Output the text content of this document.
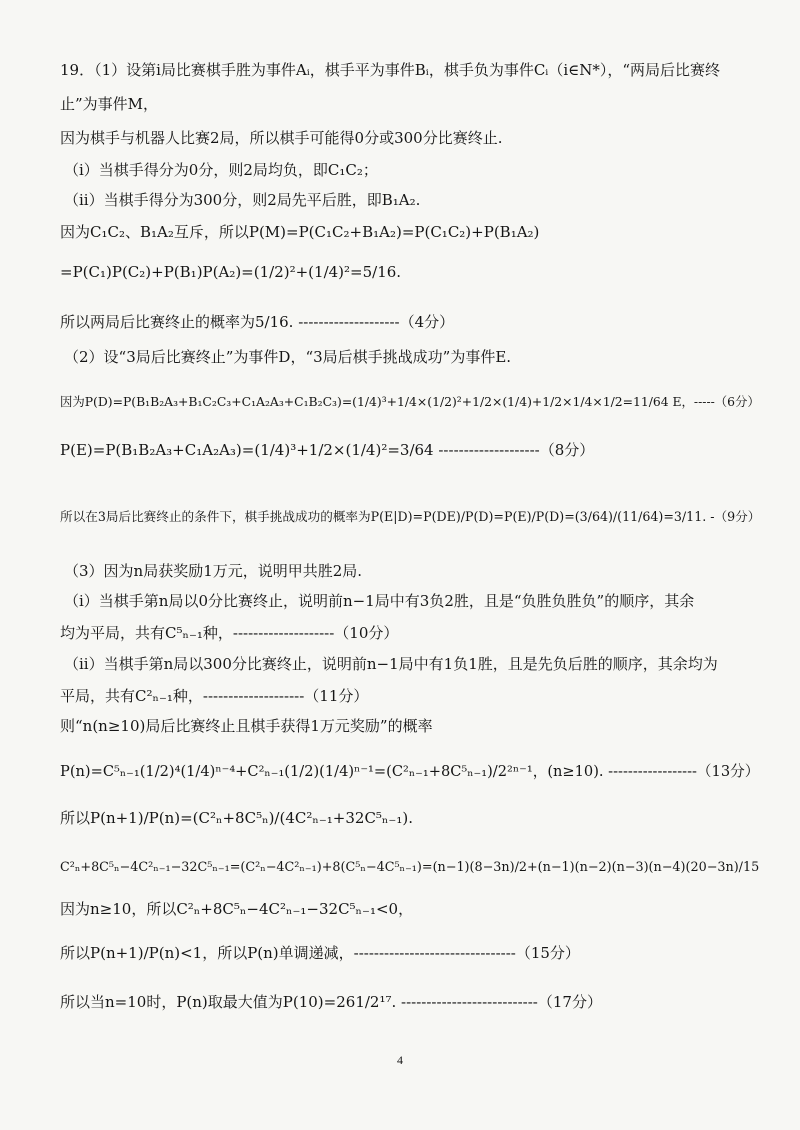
19．（1）设第i局比赛棋手胜为事件Aᵢ，棋手平为事件Bᵢ，棋手负为事件Cᵢ（i∈N*），“两局后比赛终
止”为事件M，
因为棋手与机器人比赛2局，所以棋手可能得0分或300分比赛终止.
（i）当棋手得分为0分，则2局均负，即C₁C₂；
（ii）当棋手得分为300分，则2局先平后胜，即B₁A₂.
因为C₁C₂、B₁A₂互斥，所以P(M)=P(C₁C₂+B₁A₂)=P(C₁C₂)+P(B₁A₂)
=P(C₁)P(C₂)+P(B₁)P(A₂)=(1/2)²+(1/4)²=5/16.
所以两局后比赛终止的概率为5/16. --------------------（4分）
（2）设“3局后比赛终止”为事件D，“3局后棋手挑战成功”为事件E.
因为P(D)=P(B₁B₂A₃+B₁C₂C₃+C₁A₂A₃+C₁B₂C₃)=(1/4)³+1/4×(1/2)²+1/2×(1/4)+1/2×1/4×1/2=11/64 E，-----（6分）
P(E)=P(B₁B₂A₃+C₁A₂A₃)=(1/4)³+1/2×(1/4)²=3/64 --------------------（8分）
所以在3局后比赛终止的条件下，棋手挑战成功的概率为P(E|D)=P(DE)/P(D)=P(E)/P(D)=(3/64)/(11/64)=3/11. -（9分）
（3）因为n局获奖励1万元，说明甲共胜2局.
（i）当棋手第n局以0分比赛终止，说明前n−1局中有3负2胜，且是“负胜负胜负”的顺序，其余
均为平局，共有C⁵ₙ₋₁种，--------------------（10分）
（ii）当棋手第n局以300分比赛终止，说明前n−1局中有1负1胜，且是先负后胜的顺序，其余均为
平局，共有C²ₙ₋₁种，--------------------（11分）
则“n(n≥10)局后比赛终止且棋手获得1万元奖励”的概率
P(n)=C⁵ₙ₋₁(1/2)⁴(1/4)ⁿ⁻⁴+C²ₙ₋₁(1/2)(1/4)ⁿ⁻¹=(C²ₙ₋₁+8C⁵ₙ₋₁)/2²ⁿ⁻¹，(n≥10). ------------------（13分）
所以P(n+1)/P(n)=(C²ₙ+8C⁵ₙ)/(4C²ₙ₋₁+32C⁵ₙ₋₁).
C²ₙ+8C⁵ₙ−4C²ₙ₋₁−32C⁵ₙ₋₁=(C²ₙ−4C²ₙ₋₁)+8(C⁵ₙ−4C⁵ₙ₋₁)=(n−1)(8−3n)/2+(n−1)(n−2)(n−3)(n−4)(20−3n)/15
因为n≥10，所以C²ₙ+8C⁵ₙ−4C²ₙ₋₁−32C⁵ₙ₋₁<0，
所以P(n+1)/P(n)<1，所以P(n)单调递减，--------------------------------（15分）
所以当n=10时，P(n)取最大值为P(10)=261/2¹⁷. ---------------------------（17分）
4
